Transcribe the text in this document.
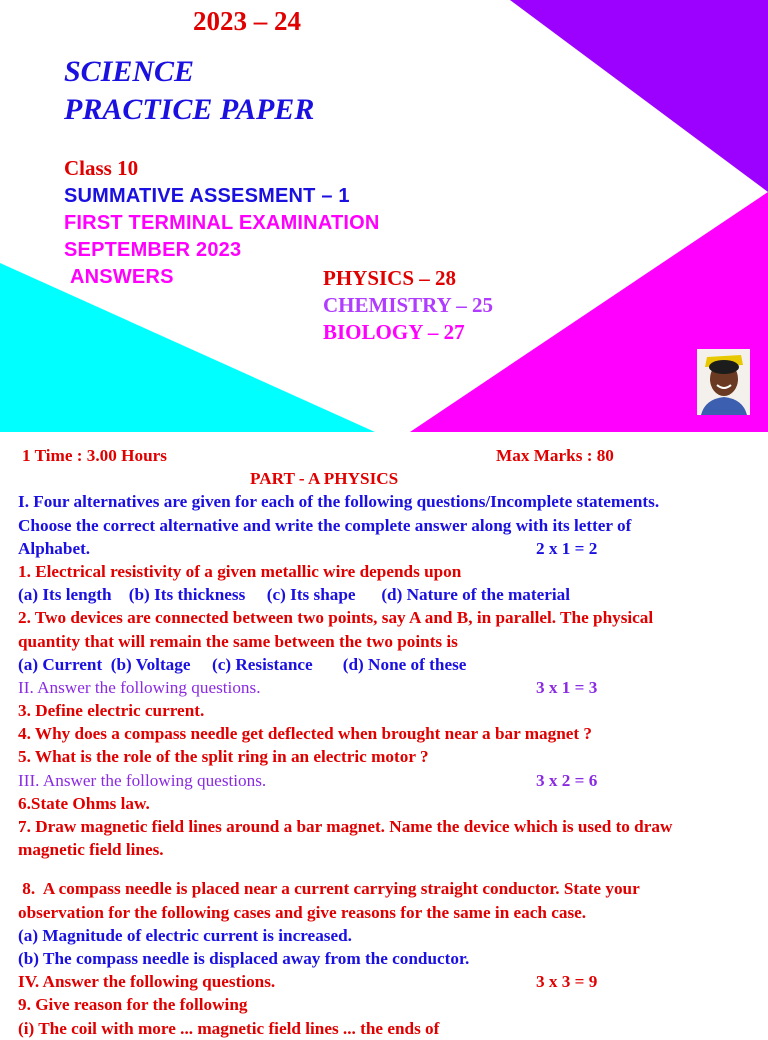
2023 – 24
SCIENCE
PRACTICE PAPER
Class 10
SUMMATIVE ASSESMENT – 1
FIRST TERMINAL EXAMINATION
SEPTEMBER 2023
ANSWERS	PHYSICS – 28
CHEMISTRY – 25
BIOLOGY – 27
1 Time : 3.00 Hours	Max Marks : 80
PART - A PHYSICS
I. Four alternatives are given for each of the following questions/Incomplete statements.
Choose the correct alternative and write the complete answer along with its letter of
Alphabet.	2 x 1 = 2
1. Electrical resistivity of a given metallic wire depends upon
(a) Its length    (b) Its thickness     (c) Its shape      (d) Nature of the material
2. Two devices are connected between two points, say A and B, in parallel. The physical
quantity that will remain the same between the two points is
(a) Current  (b) Voltage     (c) Resistance       (d) None of these
II. Answer the following questions.	3 x 1 = 3
3. Define electric current.
4. Why does a compass needle get deflected when brought near a bar magnet ?
5. What is the role of the split ring in an electric motor ?
III. Answer the following questions.	3 x 2 = 6
6.State Ohms law.
7. Draw magnetic field lines around a bar magnet. Name the device which is used to draw
magnetic field lines.
8.  A compass needle is placed near a current carrying straight conductor. State your
observation for the following cases and give reasons for the same in each case.
(a) Magnitude of electric current is increased.
(b) The compass needle is displaced away from the conductor.
IV. Answer the following questions.	3 x 3 = 9
9. Give reason for the following
(i) The coil with more ... magnetic field lines ... the ends of
